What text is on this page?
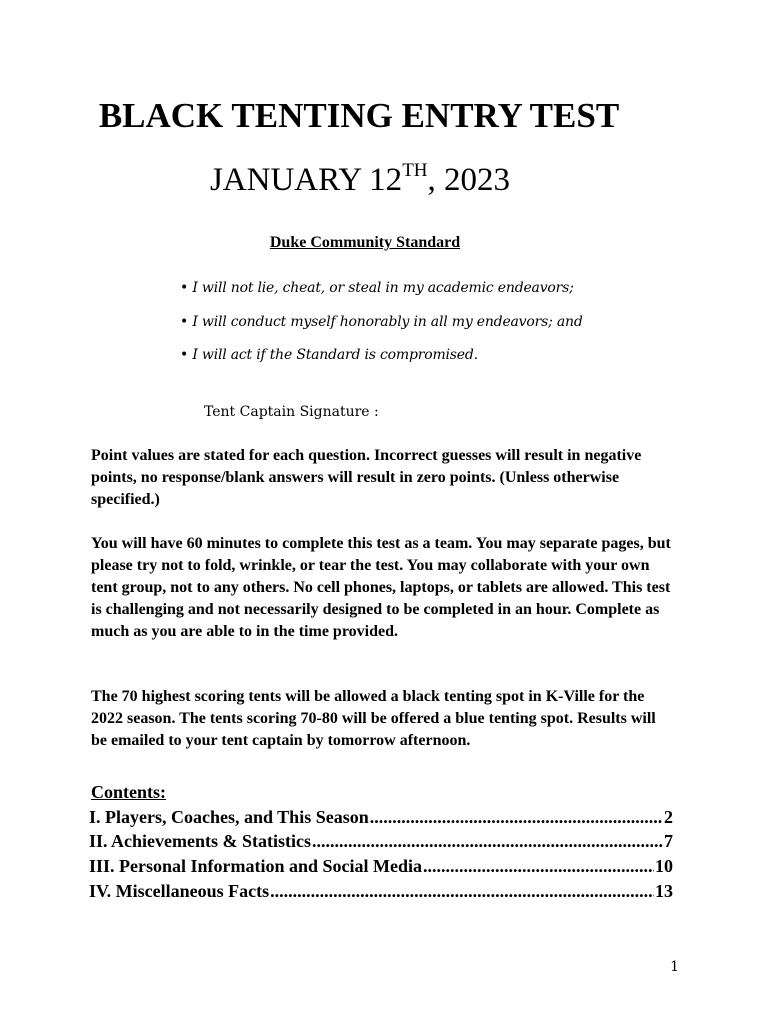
BLACK TENTING ENTRY TEST
JANUARY 12TH, 2023
Duke Community Standard
• I will not lie, cheat, or steal in my academic endeavors;
• I will conduct myself honorably in all my endeavors; and
• I will act if the Standard is compromised.
Tent Captain Signature :

Point values are stated for each question. Incorrect guesses will result in negative points, no response/blank answers will result in zero points. (Unless otherwise specified.)

You will have 60 minutes to complete this test as a team. You may separate pages, but please try not to fold, wrinkle, or tear the test. You may collaborate with your own tent group, not to any others. No cell phones, laptops, or tablets are allowed. This test is challenging and not necessarily designed to be completed in an hour. Complete as much as you are able to in the time provided.

The 70 highest scoring tents will be allowed a black tenting spot in K-Ville for the 2022 season. The tents scoring 70-80 will be offered a blue tenting spot. Results will be emailed to your tent captain by tomorrow afternoon.

Contents:
I. Players, Coaches, and This Season .....	2
II. Achievements & Statistics .....	7
III. Personal Information and Social Media .....	10
IV. Miscellaneous Facts .....	13
1
